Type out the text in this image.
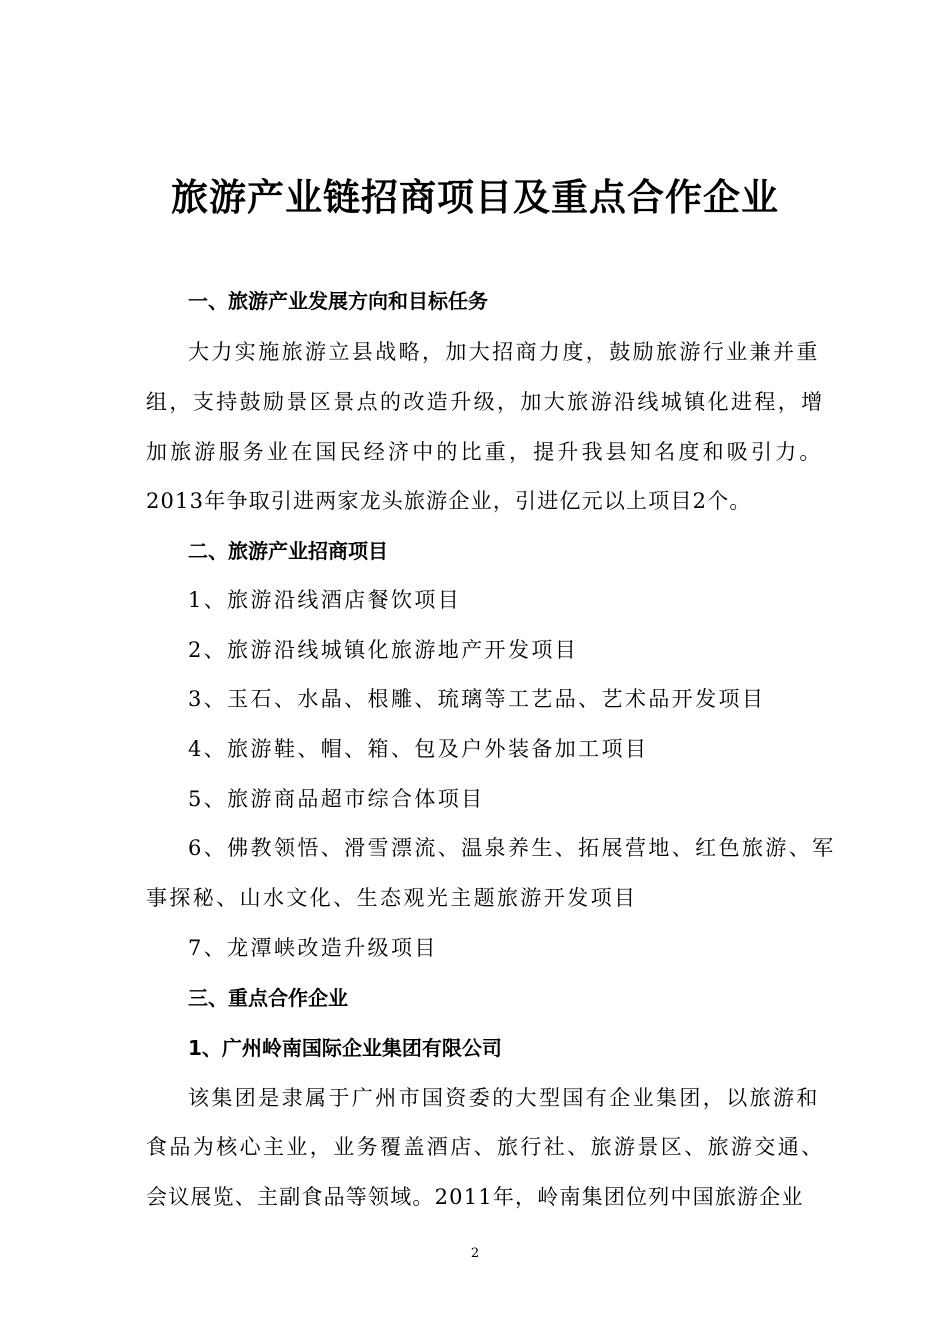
旅游产业链招商项目及重点合作企业
一、旅游产业发展方向和目标任务
大力实施旅游立县战略，加大招商力度，鼓励旅游行业兼并重
组，支持鼓励景区景点的改造升级，加大旅游沿线城镇化进程，增
加旅游服务业在国民经济中的比重，提升我县知名度和吸引力。
2013年争取引进两家龙头旅游企业，引进亿元以上项目2个。
二、旅游产业招商项目
1、旅游沿线酒店餐饮项目
2、旅游沿线城镇化旅游地产开发项目
3、玉石、水晶、根雕、琉璃等工艺品、艺术品开发项目
4、旅游鞋、帽、箱、包及户外装备加工项目
5、旅游商品超市综合体项目
6、佛教领悟、滑雪漂流、温泉养生、拓展营地、红色旅游、军
事探秘、山水文化、生态观光主题旅游开发项目
7、龙潭峡改造升级项目
三、重点合作企业
1、广州岭南国际企业集团有限公司
该集团是隶属于广州市国资委的大型国有企业集团，以旅游和
食品为核心主业，业务覆盖酒店、旅行社、旅游景区、旅游交通、
会议展览、主副食品等领域。2011年，岭南集团位列中国旅游企业
2
